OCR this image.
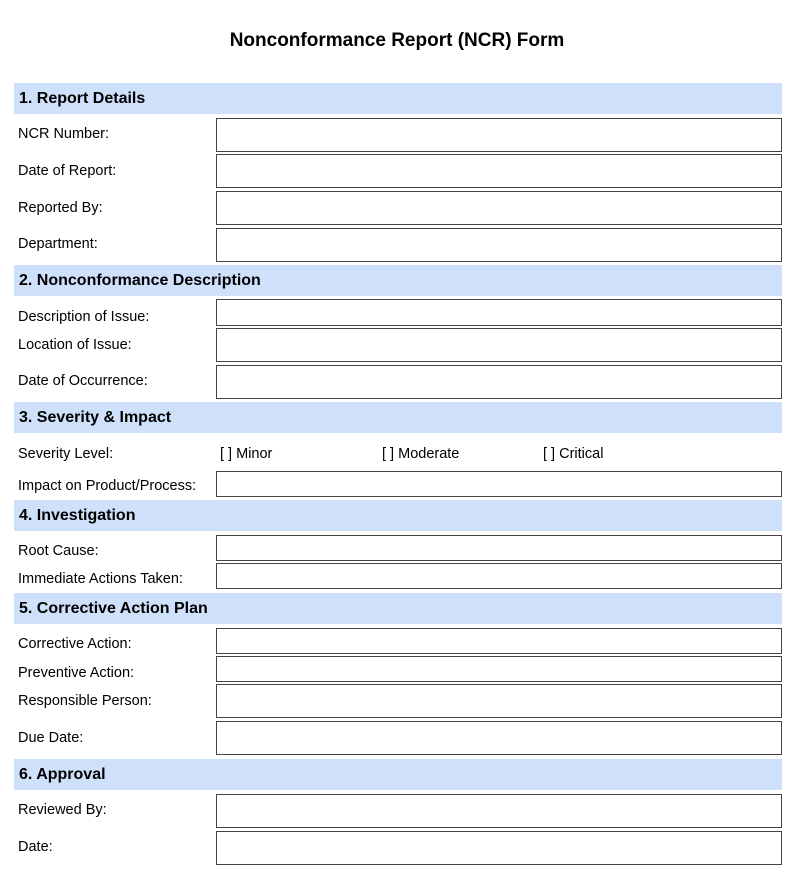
Nonconformance Report (NCR) Form
1. Report Details
NCR Number:
Date of Report:
Reported By:
Department:
2. Nonconformance Description
Description of Issue:
Location of Issue:
Date of Occurrence:
3. Severity & Impact
Severity Level:	[ ] Minor	[ ] Moderate	[ ] Critical
Impact on Product/Process:
4. Investigation
Root Cause:
Immediate Actions Taken:
5. Corrective Action Plan
Corrective Action:
Preventive Action:
Responsible Person:
Due Date:
6. Approval
Reviewed By:
Date:
